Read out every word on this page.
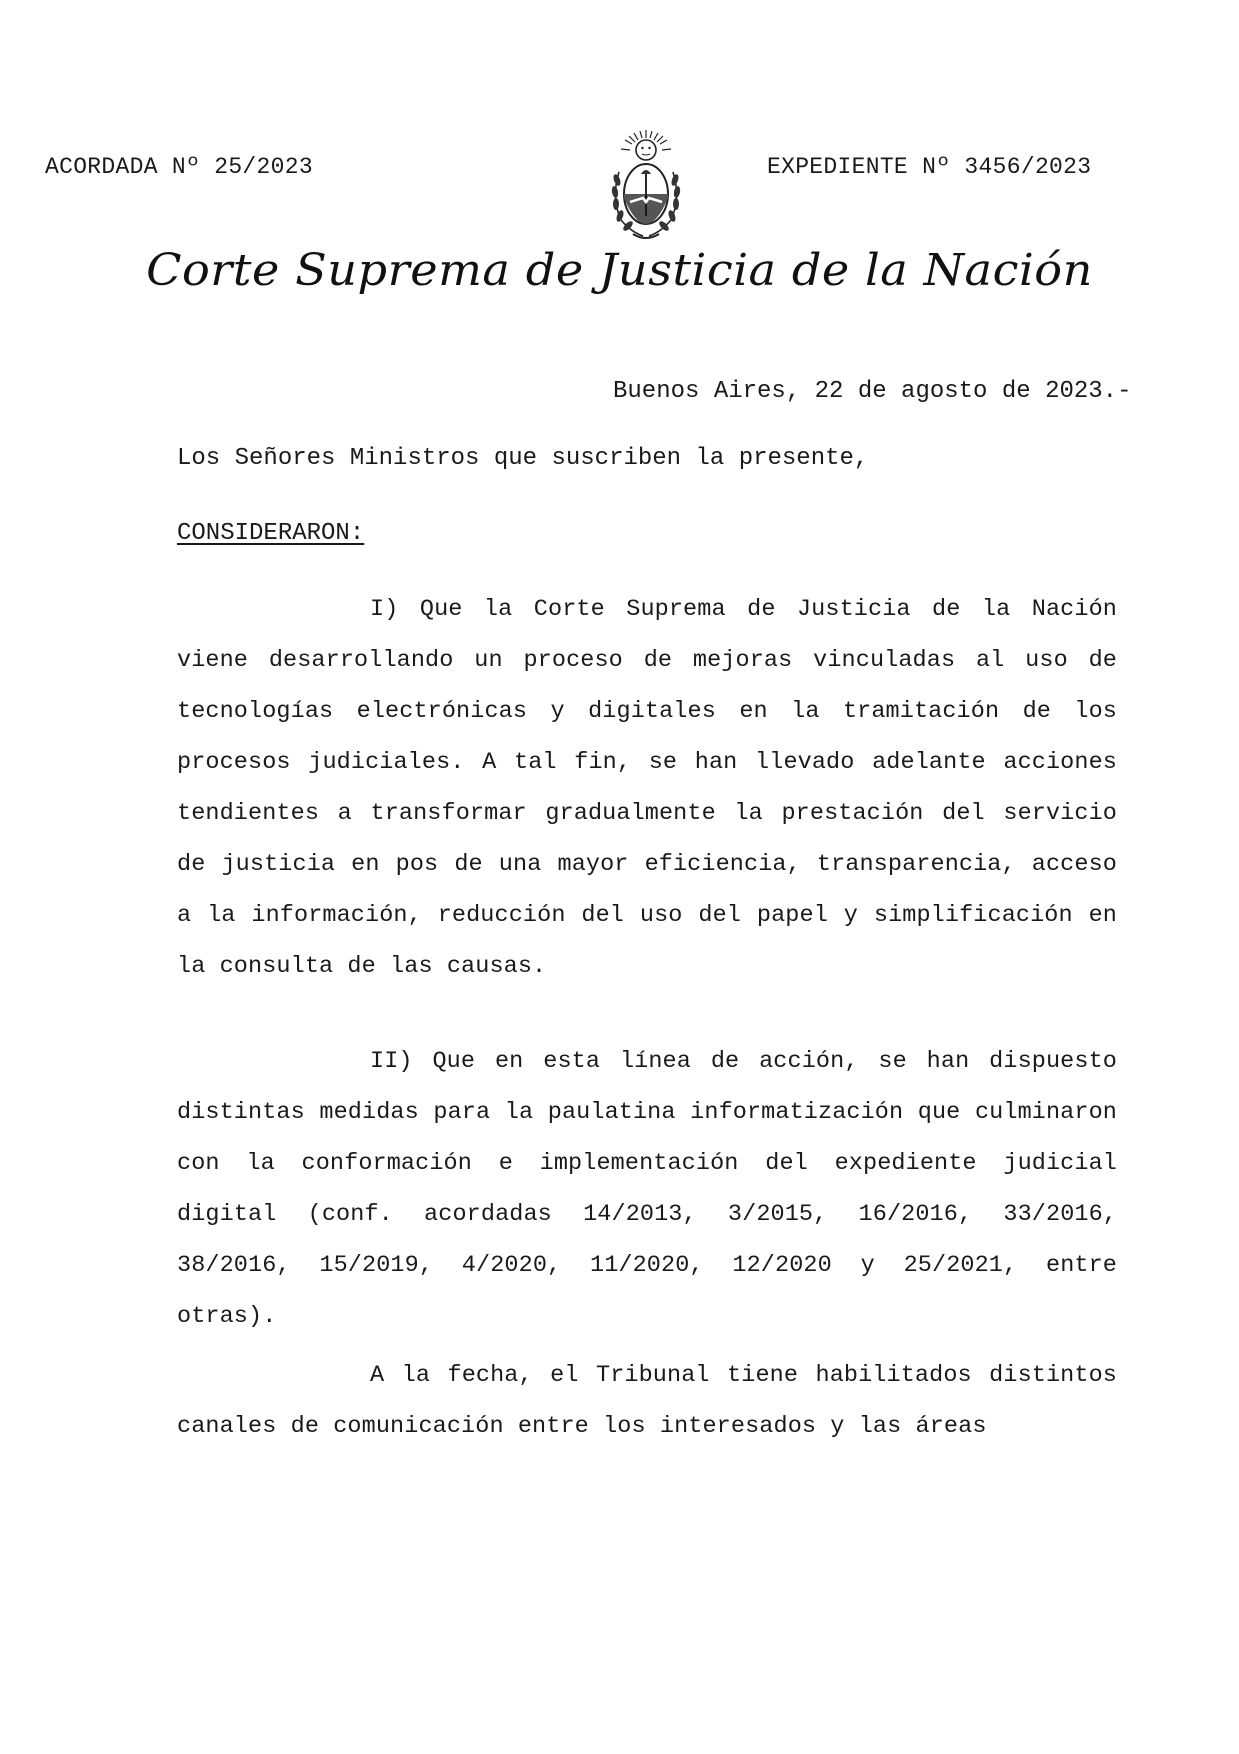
ACORDADA Nº 25/2023	EXPEDIENTE Nº 3456/2023
Corte Suprema de Justicia de la Nación
Buenos Aires, 22 de agosto de 2023.-
Los Señores Ministros que suscriben la presente,
CONSIDERARON:

I) Que la Corte Suprema de Justicia de la Nación viene desarrollando un proceso de mejoras vinculadas al uso de tecnologías electrónicas y digitales en la tramitación de los procesos judiciales. A tal fin, se han llevado adelante acciones tendientes a transformar gradualmente la prestación del servicio de justicia en pos de una mayor eficiencia, transparencia, acceso a la información, reducción del uso del papel y simplificación en la consulta de las causas.

II) Que en esta línea de acción, se han dispuesto distintas medidas para la paulatina informatización que culminaron con la conformación e implementación del expediente judicial digital (conf. acordadas 14/2013, 3/2015, 16/2016, 33/2016, 38/2016, 15/2019, 4/2020, 11/2020, 12/2020 y 25/2021, entre otras).

A la fecha, el Tribunal tiene habilitados distintos canales de comunicación entre los interesados y las áreas
